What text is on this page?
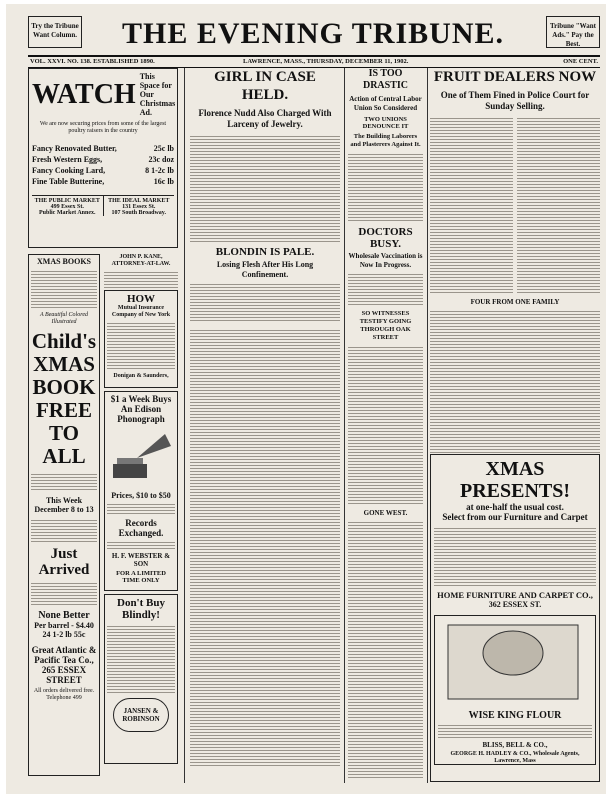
Try the Tribune Want Column.	THE EVENING TRIBUNE.	Tribune "Want Ads." Pay the Best.
VOL. XXVI. NO. 138. ESTABLISHED 1890.	LAWRENCE, MASS., THURSDAY, DECEMBER 11, 1902.	ONE CENT.
WATCH
This Space for Our Christmas Ad.
We are now securing prices from some of the largest poultry raisers in the country
Fancy Renovated Butter,	25c lb
Fresh Western Eggs,	23c doz
Fancy Cooking Lard,	8 1-2c lb
Fine Table Butterine,	16c lb
THE PUBLIC MARKET
499 Essex St.
Public Market Annex.
THE IDEAL MARKET
131 Essex St.
107 South Broadway.
XMAS BOOKS
A Beautiful Colored Illustrated
Child's XMAS BOOK FREE TO ALL
This Week December 8 to 13
Just Arrived
None Better
Per barrel - $4.40
24 1-2 lb 55c
Great Atlantic & Pacific Tea Co., 265 ESSEX STREET
All orders delivered free. Telephone 499
JOHN P. KANE, ATTORNEY-AT-LAW.
HOW
Mutual Insurance Company of New York
Donigan & Saunders,
$1 a Week Buys An Edison Phonograph
Prices, $10 to $50
Records Exchanged.
H. F. WEBSTER & SON
FOR A LIMITED TIME ONLY
Don't Buy Blindly!
JANSEN & ROBINSON
GIRL IN CASE HELD.
Florence Nudd Also Charged With Larceny of Jewelry.
BLONDIN IS PALE.
Losing Flesh After His Long Confinement.
IS TOO DRASTIC
Action of Central Labor Union So Considered
TWO UNIONS DENOUNCE IT
The Building Laborers and Plasterers Against It.
DOCTORS BUSY.
Wholesale Vaccination is Now In Progress.
SO WITNESSES TESTIFY GOING THROUGH OAK STREET
GONE WEST.
FRUIT DEALERS NOW
One of Them Fined in Police Court for Sunday Selling.
FOUR FROM ONE FAMILY
XMAS PRESENTS!
at one-half the usual cost.
Select from our Furniture and Carpet
HOME FURNITURE AND CARPET CO.,
362 ESSEX ST.
WISE KING FLOUR
BLISS, BELL & CO.,
GEORGE H. HADLEY & CO., Wholesale Agents, Lawrence, Mass
